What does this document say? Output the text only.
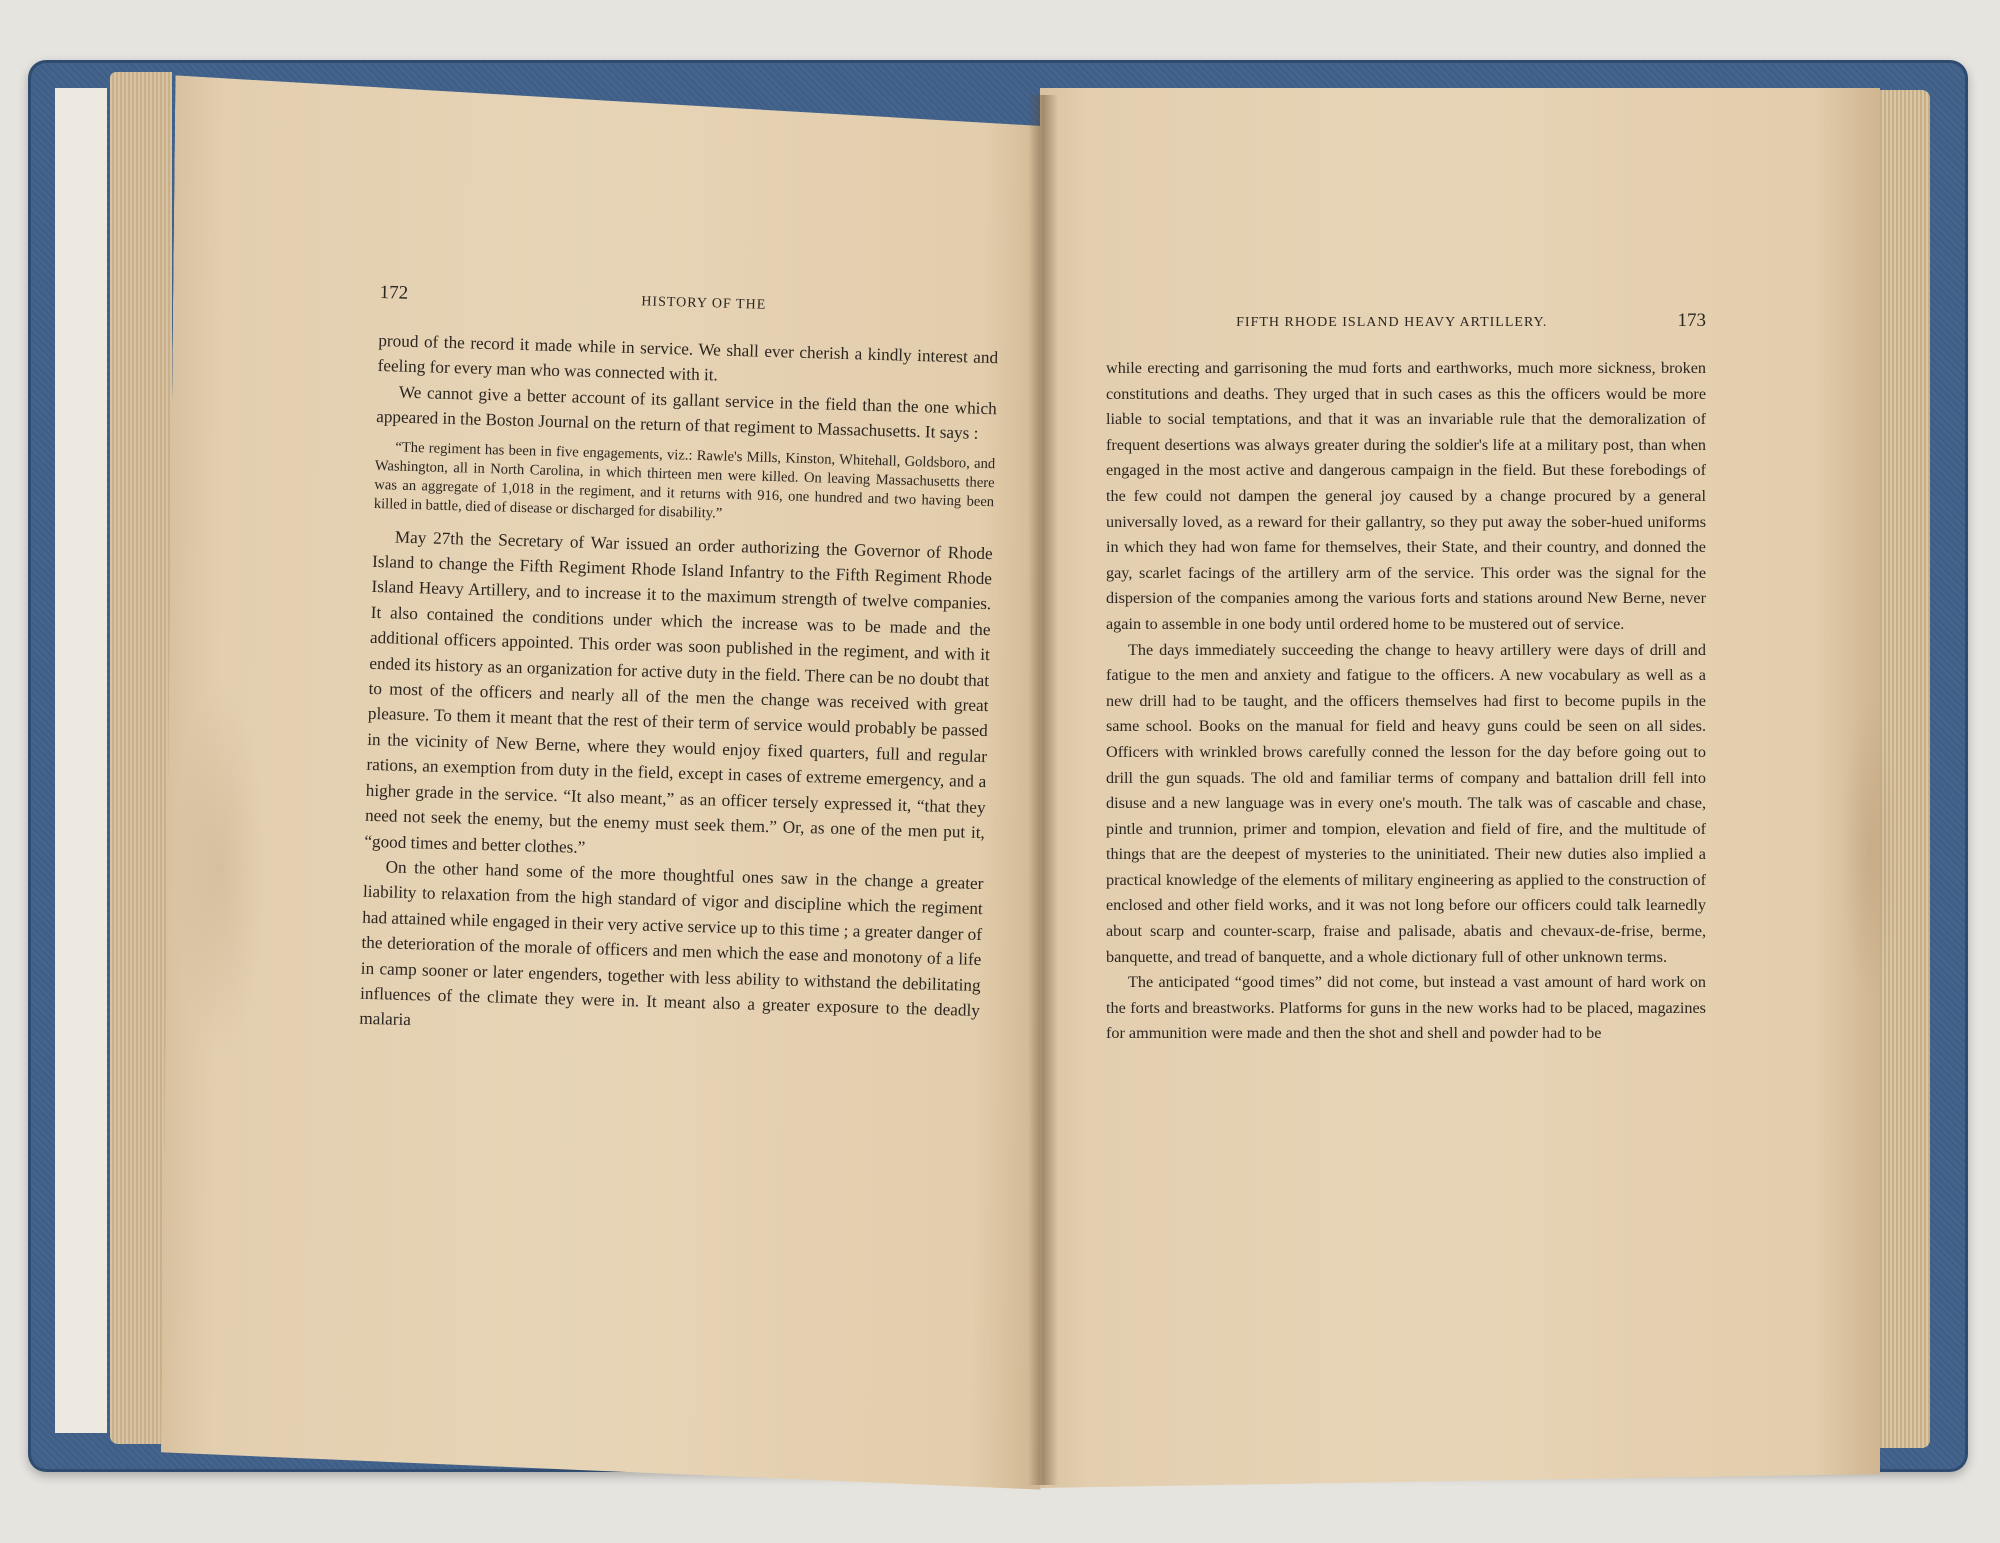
172	HISTORY OF THE

proud of the record it made while in service. We shall ever cherish a kindly interest and feeling for every man who was connected with it.

We cannot give a better account of its gallant service in the field than the one which appeared in the Boston Journal on the return of that regiment to Massachusetts. It says :

“The regiment has been in five engagements, viz.: Rawle's Mills, Kinston, Whitehall, Goldsboro, and Washington, all in North Carolina, in which thirteen men were killed. On leaving Massachusetts there was an aggregate of 1,018 in the regiment, and it returns with 916, one hundred and two having been killed in battle, died of disease or discharged for disability.”

May 27th the Secretary of War issued an order authorizing the Governor of Rhode Island to change the Fifth Regiment Rhode Island Infantry to the Fifth Regiment Rhode Island Heavy Artillery, and to increase it to the maximum strength of twelve companies. It also contained the conditions under which the increase was to be made and the additional officers appointed. This order was soon published in the regiment, and with it ended its history as an organization for active duty in the field. There can be no doubt that to most of the officers and nearly all of the men the change was received with great pleasure. To them it meant that the rest of their term of service would probably be passed in the vicinity of New Berne, where they would enjoy fixed quarters, full and regular rations, an exemption from duty in the field, except in cases of extreme emergency, and a higher grade in the service. “It also meant,” as an officer tersely expressed it, “that they need not seek the enemy, but the enemy must seek them.” Or, as one of the men put it, “good times and better clothes.”

On the other hand some of the more thoughtful ones saw in the change a greater liability to relaxation from the high standard of vigor and discipline which the regiment had attained while engaged in their very active service up to this time ; a greater danger of the deterioration of the morale of officers and men which the ease and monotony of a life in camp sooner or later engenders, together with less ability to withstand the debilitating influences of the climate they were in. It meant also a greater exposure to the deadly malaria

FIFTH RHODE ISLAND HEAVY ARTILLERY.	173

while erecting and garrisoning the mud forts and earthworks, much more sickness, broken constitutions and deaths. They urged that in such cases as this the officers would be more liable to social temptations, and that it was an invariable rule that the demoralization of frequent desertions was always greater during the soldier's life at a military post, than when engaged in the most active and dangerous campaign in the field. But these forebodings of the few could not dampen the general joy caused by a change procured by a general universally loved, as a reward for their gallantry, so they put away the sober-hued uniforms in which they had won fame for themselves, their State, and their country, and donned the gay, scarlet facings of the artillery arm of the service. This order was the signal for the dispersion of the companies among the various forts and stations around New Berne, never again to assemble in one body until ordered home to be mustered out of service.

The days immediately succeeding the change to heavy artillery were days of drill and fatigue to the men and anxiety and fatigue to the officers. A new vocabulary as well as a new drill had to be taught, and the officers themselves had first to become pupils in the same school. Books on the manual for field and heavy guns could be seen on all sides. Officers with wrinkled brows carefully conned the lesson for the day before going out to drill the gun squads. The old and familiar terms of company and battalion drill fell into disuse and a new language was in every one's mouth. The talk was of cascable and chase, pintle and trunnion, primer and tompion, elevation and field of fire, and the multitude of things that are the deepest of mysteries to the uninitiated. Their new duties also implied a practical knowledge of the elements of military engineering as applied to the construction of enclosed and other field works, and it was not long before our officers could talk learnedly about scarp and counter-scarp, fraise and palisade, abatis and chevaux-de-frise, berme, banquette, and tread of banquette, and a whole dictionary full of other unknown terms.

The anticipated “good times” did not come, but instead a vast amount of hard work on the forts and breastworks. Platforms for guns in the new works had to be placed, magazines for ammunition were made and then the shot and shell and powder had to be
